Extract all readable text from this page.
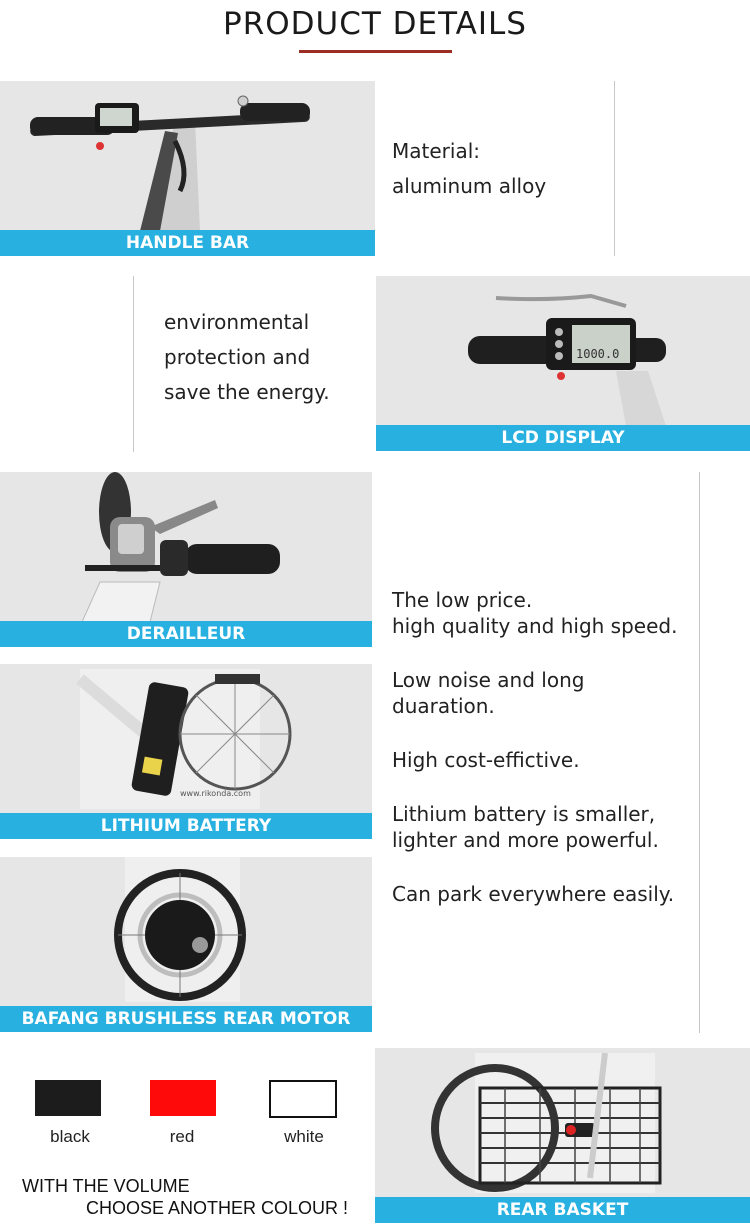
PRODUCT DETAILS
HANDLE BAR
Material:
aluminum alloy
environmental
protection and
save the energy.
1000.0
LCD DISPLAY
DERAILLEUR
www.rikonda.com
LITHIUM BATTERY
BAFANG BRUSHLESS REAR MOTOR

The low price.
high quality and high speed.

Low noise and long
duaration.

High cost-effictive.

Lithium battery is smaller,
lighter and more powerful.

Can park everywhere easily.

black	red	white
WITH THE VOLUME
CHOOSE ANOTHER COLOUR !	REAR BASKET
